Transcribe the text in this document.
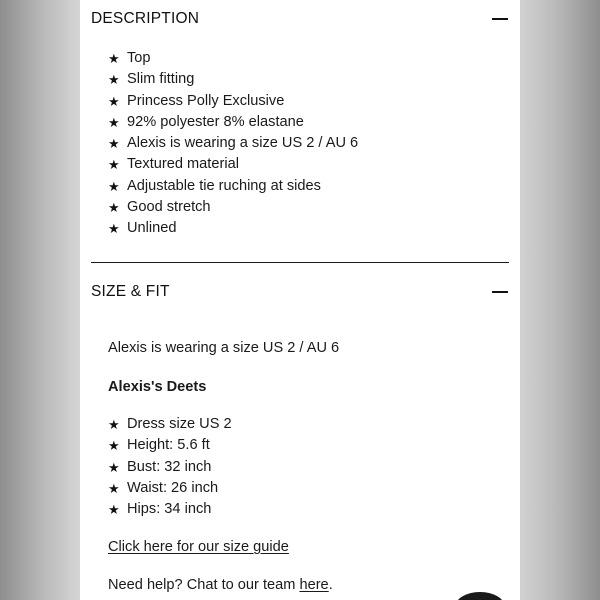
DESCRIPTION
★ Top
★ Slim fitting
★ Princess Polly Exclusive
★ 92% polyester 8% elastane
★ Alexis is wearing a size US 2 / AU 6
★ Textured material
★ Adjustable tie ruching at sides
★ Good stretch
★ Unlined
SIZE & FIT
Alexis is wearing a size US 2 / AU 6
Alexis's Deets
★ Dress size US 2
★ Height: 5.6 ft
★ Bust: 32 inch
★ Waist: 26 inch
★ Hips: 34 inch
Click here for our size guide
Need help? Chat to our team here.
